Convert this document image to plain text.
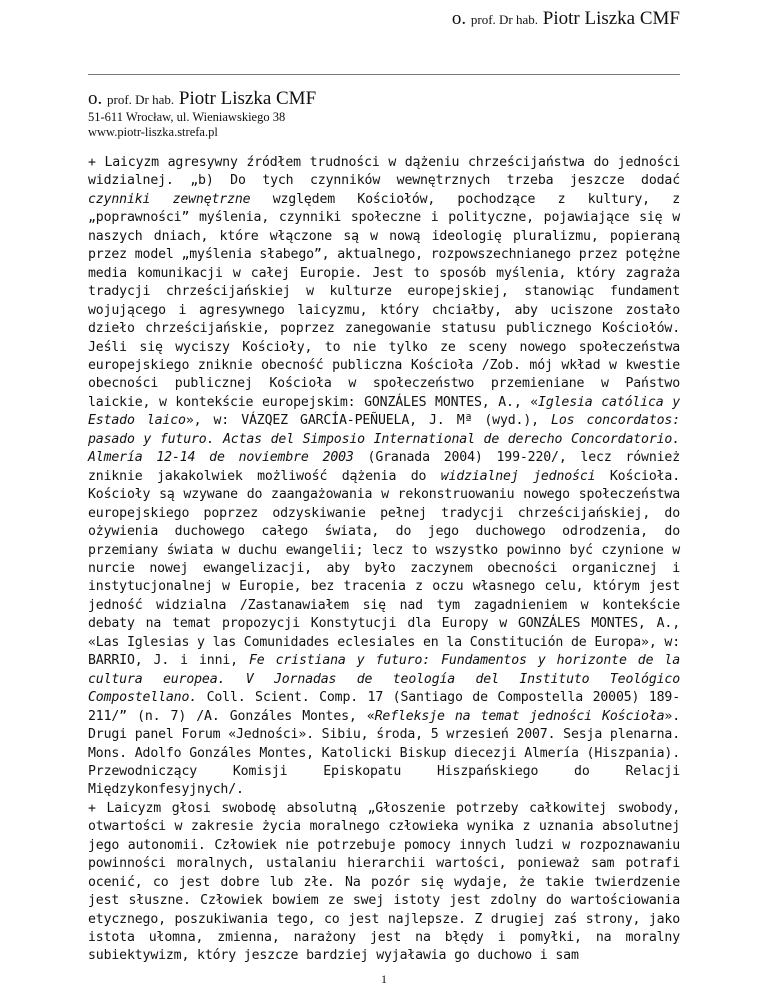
o. prof. Dr hab. Piotr Liszka CMF
o. prof. Dr hab. Piotr Liszka CMF
51-611 Wrocław, ul. Wieniawskiego 38
www.piotr-liszka.strefa.pl

+ Laicyzm agresywny źródłem trudności w dążeniu chrześcijaństwa do jedności widzialnej. „b) Do tych czynników wewnętrznych trzeba jeszcze dodać czynniki zewnętrzne względem Kościołów, pochodzące z kultury, z „poprawności” myślenia, czynniki społeczne i polityczne, pojawiające się w naszych dniach, które włączone są w nową ideologię pluralizmu, popieraną przez model „myślenia słabego”, aktualnego, rozpowszechnianego przez potężne media komunikacji w całej Europie. Jest to sposób myślenia, który zagraża tradycji chrześcijańskiej w kulturze europejskiej, stanowiąc fundament wojującego i agresywnego laicyzmu, który chciałby, aby uciszone zostało dzieło chrześcijańskie, poprzez zanegowanie statusu publicznego Kościołów. Jeśli się wyciszy Kościoły, to nie tylko ze sceny nowego społeczeństwa europejskiego zniknie obecność publiczna Kościoła /Zob. mój wkład w kwestie obecności publicznej Kościoła w społeczeństwo przemieniane w Państwo laickie, w kontekście europejskim: GONZÁLES MONTES, A., «Iglesia católica y Estado laico», w: VÁZQEZ GARCÍA-PEÑUELA, J. Mª (wyd.), Los concordatos: pasado y futuro. Actas del Simposio International de derecho Concordatorio. Almería 12-14 de noviembre 2003 (Granada 2004) 199-220/, lecz również zniknie jakakolwiek możliwość dążenia do widzialnej jedności Kościoła. Kościoły są wzywane do zaangażowania w rekonstruowaniu nowego społeczeństwa europejskiego poprzez odzyskiwanie pełnej tradycji chrześcijańskiej, do ożywienia duchowego całego świata, do jego duchowego odrodzenia, do przemiany świata w duchu ewangelii; lecz to wszystko powinno być czynione w nurcie nowej ewangelizacji, aby było zaczynem obecności organicznej i instytucjonalnej w Europie, bez tracenia z oczu własnego celu, którym jest jedność widzialna /Zastanawiałem się nad tym zagadnieniem w kontekście debaty na temat propozycji Konstytucji dla Europy w GONZÁLES MONTES, A., «Las Iglesias y las Comunidades eclesiales en la Constitución de Europa», w: BARRIO, J. i inni, Fe cristiana y futuro: Fundamentos y horizonte de la cultura europea. V Jornadas de teología del Instituto Teológico Compostellano. Coll. Scient. Comp. 17 (Santiago de Compostella 20005) 189-211/” (n. 7) /A. Gonzáles Montes, «Refleksje na temat jedności Kościoła». Drugi panel Forum «Jedności». Sibiu, środa, 5 wrzesień 2007. Sesja plenarna. Mons. Adolfo Gonzáles Montes, Katolicki Biskup diecezji Almería (Hiszpania). Przewodniczący Komisji Episkopatu Hiszpańskiego do Relacji Międzykonfesyjnych/.

+ Laicyzm głosi swobodę absolutną „Głoszenie potrzeby całkowitej swobody, otwartości w zakresie życia moralnego człowieka wynika z uznania absolutnej jego autonomii. Człowiek nie potrzebuje pomocy innych ludzi w rozpoznawaniu powinności moralnych, ustalaniu hierarchii wartości, ponieważ sam potrafi ocenić, co jest dobre lub złe. Na pozór się wydaje, że takie twierdzenie jest słuszne. Człowiek bowiem ze swej istoty jest zdolny do wartościowania etycznego, poszukiwania tego, co jest najlepsze. Z drugiej zaś strony, jako istota ułomna, zmienna, narażony jest na błędy i pomyłki, na moralny subiektywizm, który jeszcze bardziej wyjaławia go duchowo i sam

1
